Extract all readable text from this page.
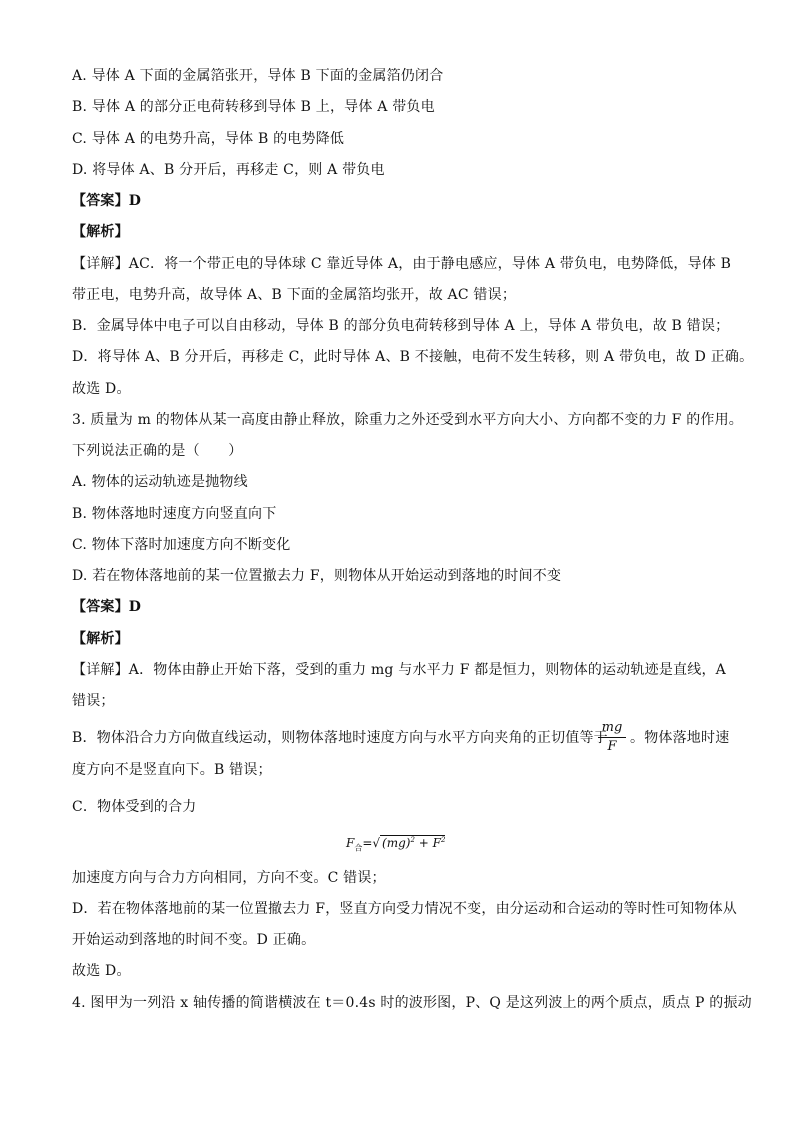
A. 导体 A 下面的金属箔张开，导体 B 下面的金属箔仍闭合
B. 导体 A 的部分正电荷转移到导体 B 上，导体 A 带负电
C. 导体 A 的电势升高，导体 B 的电势降低
D. 将导体 A、B 分开后，再移走 C，则 A 带负电
【答案】D
【解析】
【详解】AC．将一个带正电的导体球 C 靠近导体 A，由于静电感应，导体 A 带负电，电势降低，导体 B
带正电，电势升高，故导体 A、B 下面的金属箔均张开，故 AC 错误；
B．金属导体中电子可以自由移动，导体 B 的部分负电荷转移到导体 A 上，导体 A 带负电，故 B 错误；
D．将导体 A、B 分开后，再移走 C，此时导体 A、B 不接触，电荷不发生转移，则 A 带负电，故 D 正确。
故选 D。
3. 质量为 m 的物体从某一高度由静止释放，除重力之外还受到水平方向大小、方向都不变的力 F 的作用。
下列说法正确的是（　　）
A. 物体的运动轨迹是抛物线
B. 物体落地时速度方向竖直向下
C. 物体下落时加速度方向不断变化
D. 若在物体落地前的某一位置撤去力 F，则物体从开始运动到落地的时间不变
【答案】D
【解析】
【详解】A．物体由静止开始下落，受到的重力 mg 与水平力 F 都是恒力，则物体的运动轨迹是直线，A
错误；
B．物体沿合力方向做直线运动，则物体落地时速度方向与水平方向夹角的正切值等于
$\frac{mg}{F}$ 。物体落地时速
度方向不是竖直向下。B 错误；
C．物体受到的合力
$F_合=√$ $(mg)^2 + F^2$
加速度方向与合力方向相同，方向不变。C 错误；
D．若在物体落地前的某一位置撤去力 F，竖直方向受力情况不变，由分运动和合运动的等时性可知物体从
开始运动到落地的时间不变。D 正确。
故选 D。
4. 图甲为一列沿 x 轴传播的简谐横波在 t＝0.4s 时的波形图，P、Q 是这列波上的两个质点，质点 P 的振动
